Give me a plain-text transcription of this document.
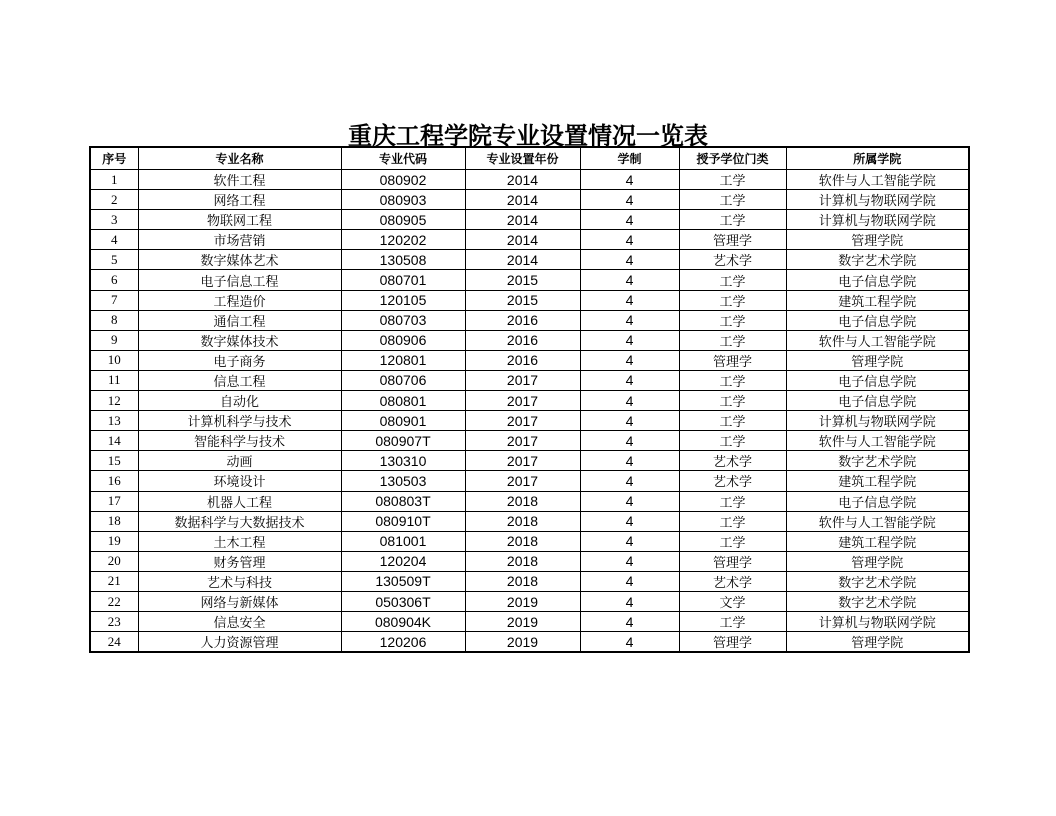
重庆工程学院专业设置情况一览表
序号	专业名称	专业代码	专业设置年份	学制	授予学位门类	所属学院
1	软件工程	080902	2014	4	工学	软件与人工智能学院
2	网络工程	080903	2014	4	工学	计算机与物联网学院
3	物联网工程	080905	2014	4	工学	计算机与物联网学院
4	市场营销	120202	2014	4	管理学	管理学院
5	数字媒体艺术	130508	2014	4	艺术学	数字艺术学院
6	电子信息工程	080701	2015	4	工学	电子信息学院
7	工程造价	120105	2015	4	工学	建筑工程学院
8	通信工程	080703	2016	4	工学	电子信息学院
9	数字媒体技术	080906	2016	4	工学	软件与人工智能学院
10	电子商务	120801	2016	4	管理学	管理学院
11	信息工程	080706	2017	4	工学	电子信息学院
12	自动化	080801	2017	4	工学	电子信息学院
13	计算机科学与技术	080901	2017	4	工学	计算机与物联网学院
14	智能科学与技术	080907T	2017	4	工学	软件与人工智能学院
15	动画	130310	2017	4	艺术学	数字艺术学院
16	环境设计	130503	2017	4	艺术学	建筑工程学院
17	机器人工程	080803T	2018	4	工学	电子信息学院
18	数据科学与大数据技术	080910T	2018	4	工学	软件与人工智能学院
19	土木工程	081001	2018	4	工学	建筑工程学院
20	财务管理	120204	2018	4	管理学	管理学院
21	艺术与科技	130509T	2018	4	艺术学	数字艺术学院
22	网络与新媒体	050306T	2019	4	文学	数字艺术学院
23	信息安全	080904K	2019	4	工学	计算机与物联网学院
24	人力资源管理	120206	2019	4	管理学	管理学院
